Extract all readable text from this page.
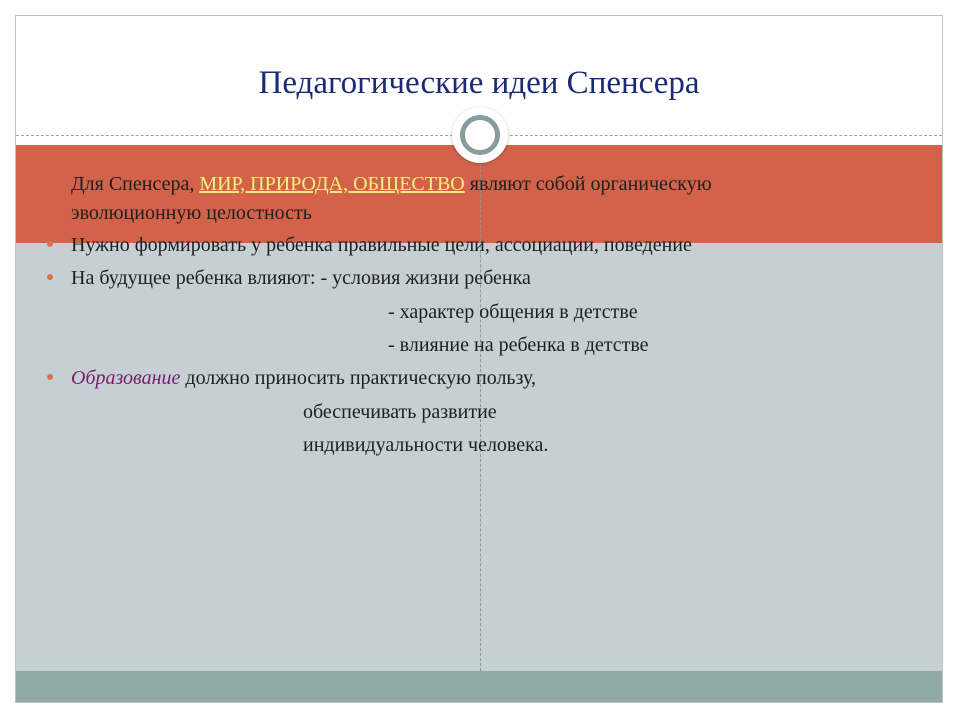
Педагогические идеи Спенсера
Для Спенсера, МИР, ПРИРОДА, ОБЩЕСТВО являют собой органическую
эволюционную целостность
Нужно формировать у ребенка правильные цели, ассоциации, поведение
На будущее ребенка влияют: - условия жизни ребенка
- характер общения в детстве
- влияние на ребенка в детстве
Образование должно приносить практическую пользу,
обеспечивать развитие
индивидуальности человека.
